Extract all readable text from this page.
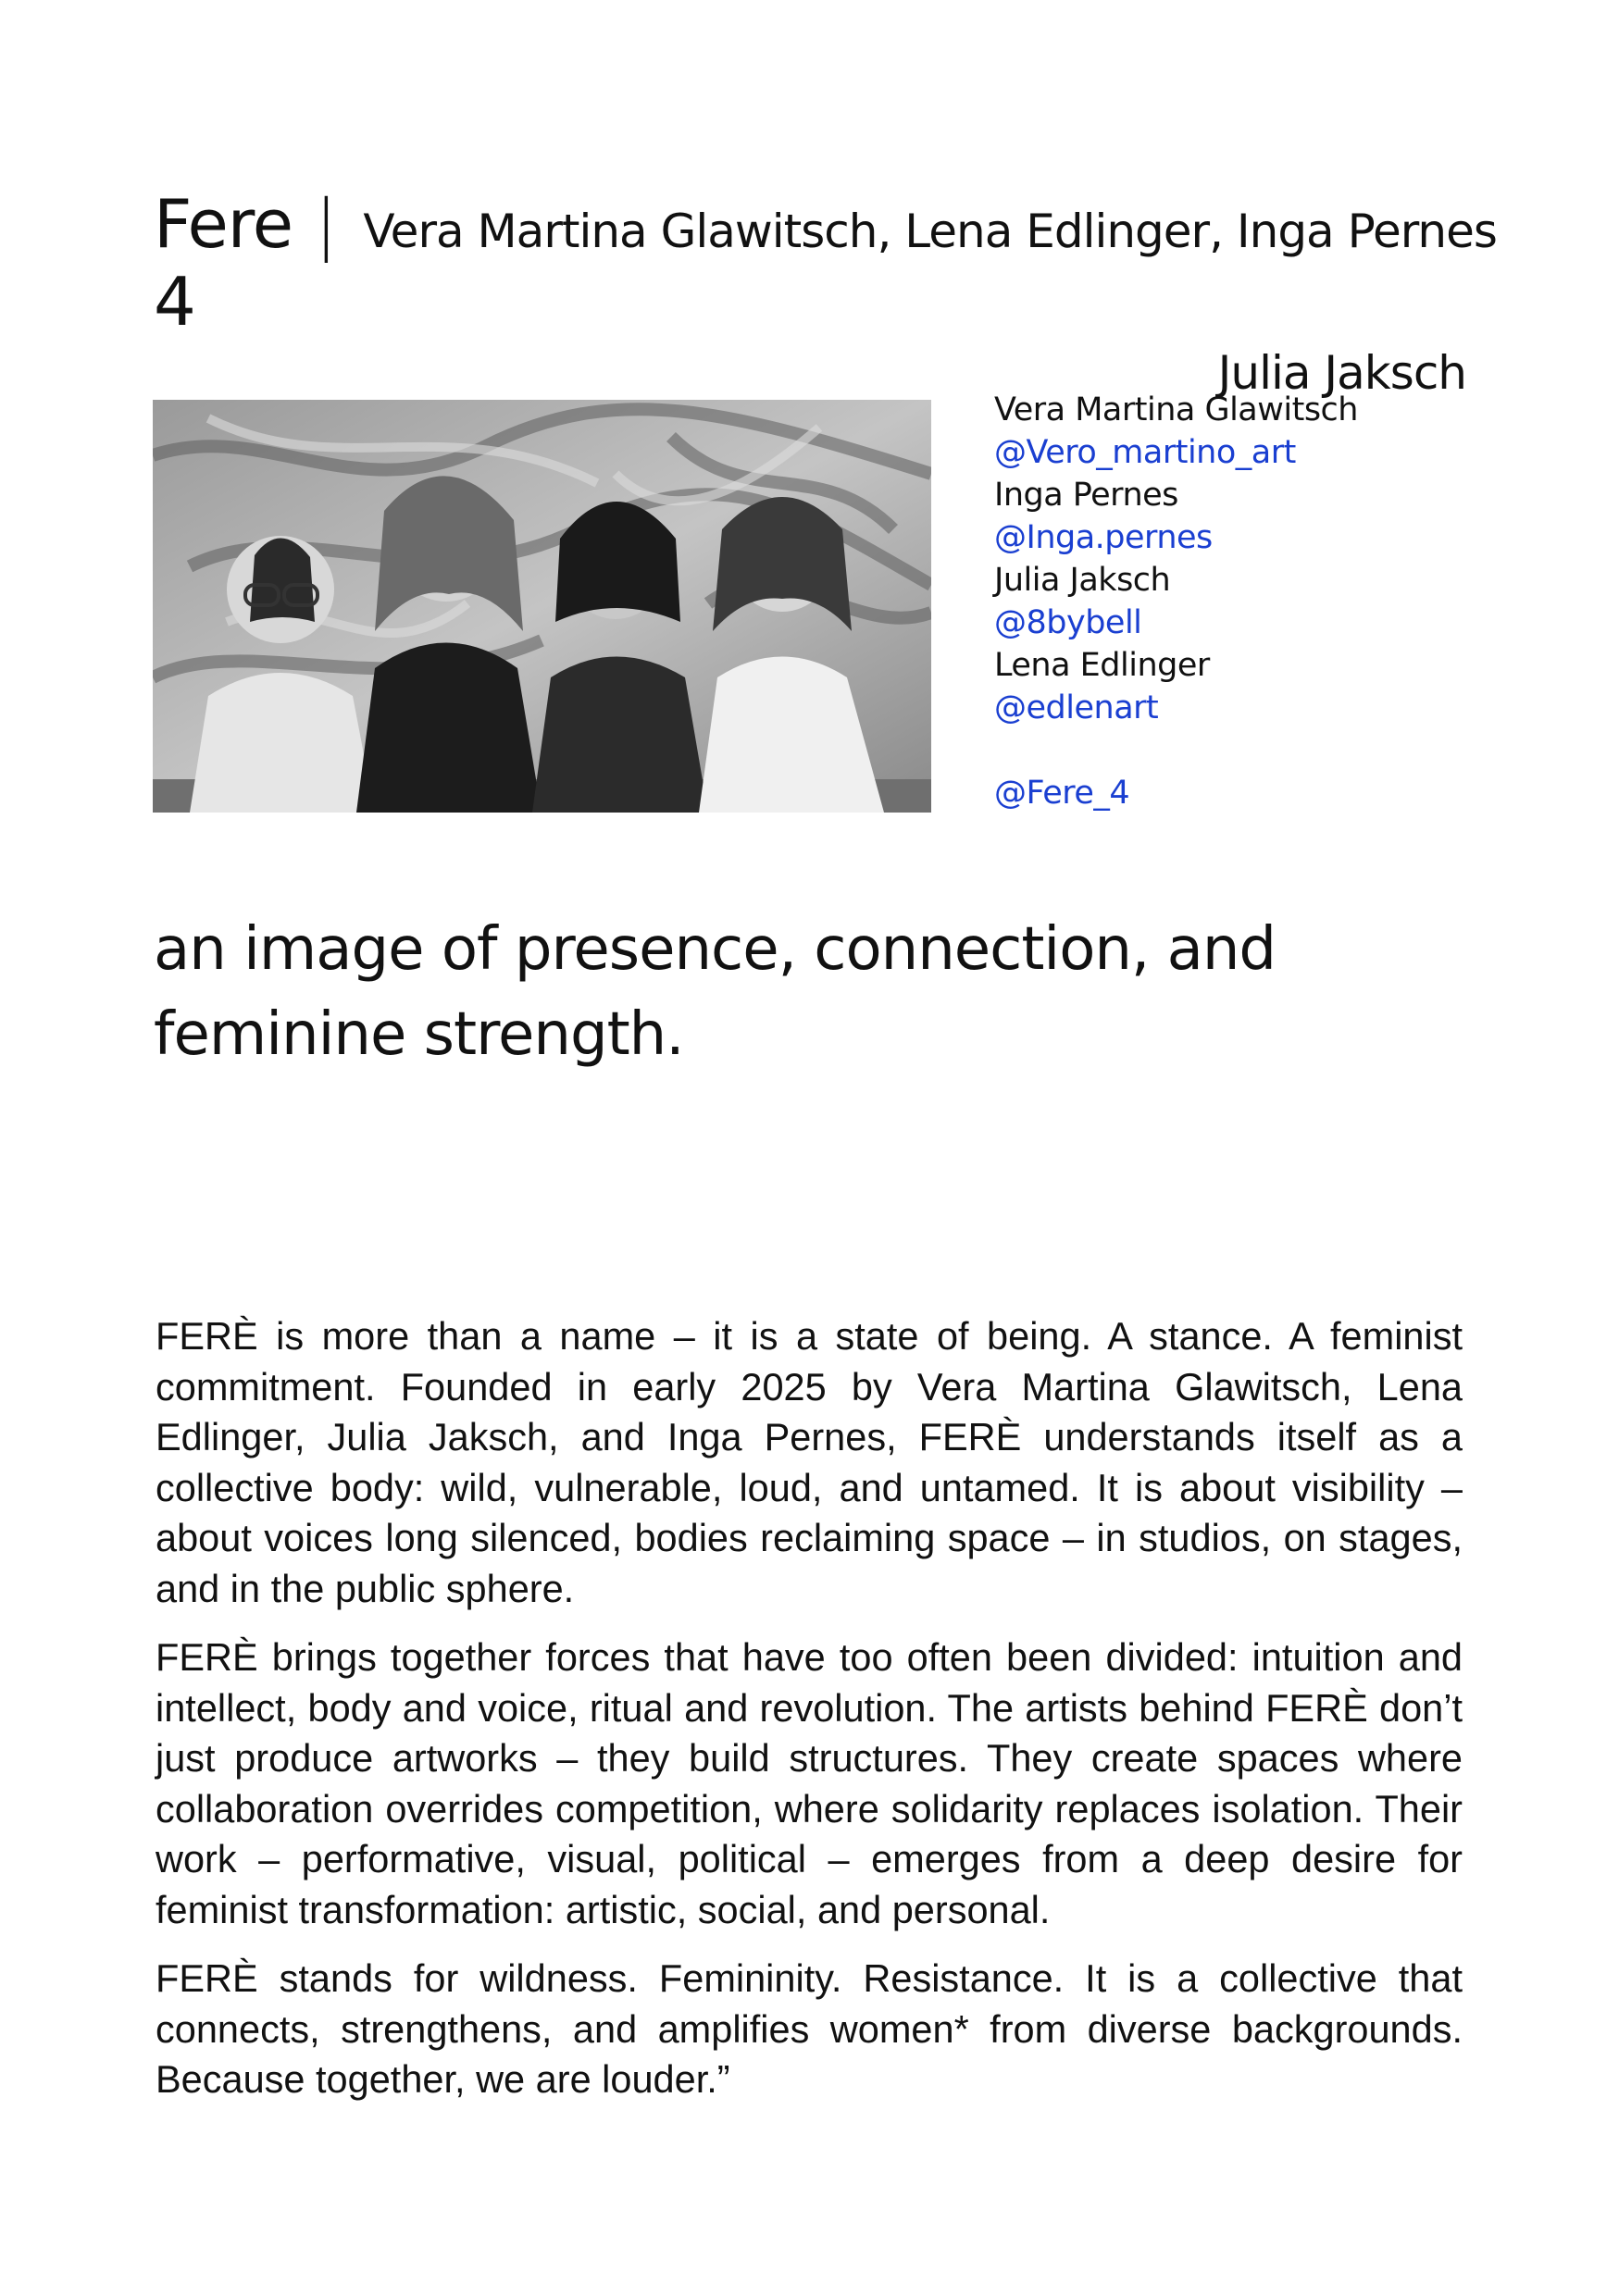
Fere 4
| Vera Martina Glawitsch, Lena Edlinger, Inga Pernes
Julia Jaksch
Vera Martina Glawitsch
@Vero_martino_art
Inga Pernes
@Inga.pernes
Julia Jaksch
@8bybell
Lena Edlinger
@edlenart
@Fere_4
an image of presence, connection, and feminine strength.

FERÈ is more than a name – it is a state of being. A stance. A feminist commitment. Founded in early 2025 by Vera Martina Glawitsch, Lena Edlinger, Julia Jaksch, and Inga Pernes, FERÈ understands itself as a collective body: wild, vulnerable, loud, and untamed. It is about visibility – about voices long silenced, bodies reclaiming space – in studios, on stages, and in the public sphere.

FERÈ brings together forces that have too often been divided: intuition and intellect, body and voice, ritual and revolution. The artists behind FERÈ don’t just produce artworks – they build structures. They create spaces where collaboration overrides competition, where solidarity replaces isolation. Their work – performative, visual, political – emerges from a deep desire for feminist transformation: artistic, social, and personal.

FERÈ stands for wildness. Femininity. Resistance. It is a collective that connects, strengthens, and amplifies women* from diverse backgrounds. Because together, we are louder.”
